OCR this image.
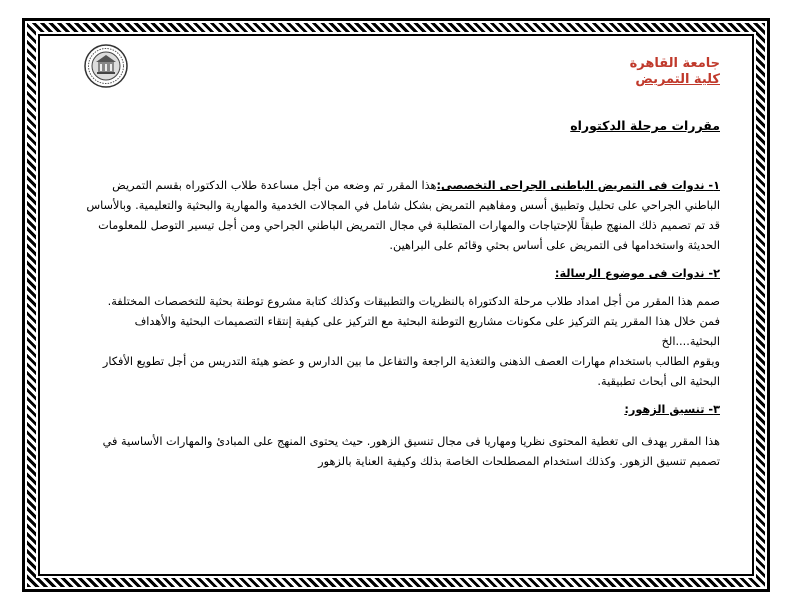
جامعة القاهرة
كلية التمريض
مقررات مرحلة الدكتوراه

١- ندوات فى التمريض الباطنى الجراحى التخصصى:هذا المقرر تم وضعه من أجل مساعدة طلاب الدكتوراه بقسم التمريض الباطني الجراحي على تحليل وتطبيق أسس ومفاهيم التمريض بشكل شامل في المجالات الخدمية والمهارية والبحثية والتعليمية. وبالأساس قد تم تصميم ذلك المنهج طبقاً للإحتياجات والمهارات المتطلبة في مجال التمريض الباطني الجراحي ومن أجل تيسير التوصل للمعلومات الحديثة واستخدامها فى التمريض على أساس بحثي وقائم على البراهين.

٢- ندوات فى موضوع الرسالة:

صمم هذا المقرر من أجل امداد طلاب مرحلة الدكتوراة بالنظريات والتطبيقات وكذلك كتابة مشروع توطنة بحثية للتخصصات المختلفة.

فمن خلال هذا المقرر يتم التركيز على مكونات مشاريع التوطنة البحثية مع التركيز على كيفية إنتقاء التصميمات البحثية والأهداف البحثية....الخ

ويقوم الطالب باستخدام مهارات العصف الذهنى والتغذية الراجعة والتفاعل ما بين الدارس و عضو هيئة التدريس من أجل تطويع الأفكار البحثية الى أبحاث تطبيقية.

٣- تنسيق الزهور:

هذا المقرر يهدف الى تغطية المحتوى نظريا ومهاريا فى مجال تنسيق الزهور. حيث يحتوى المنهج على المبادئ والمهارات الأساسية في تصميم تنسيق الزهور. وكذلك استخدام المصطلحات الخاصة بذلك وكيفية العناية بالزهور
